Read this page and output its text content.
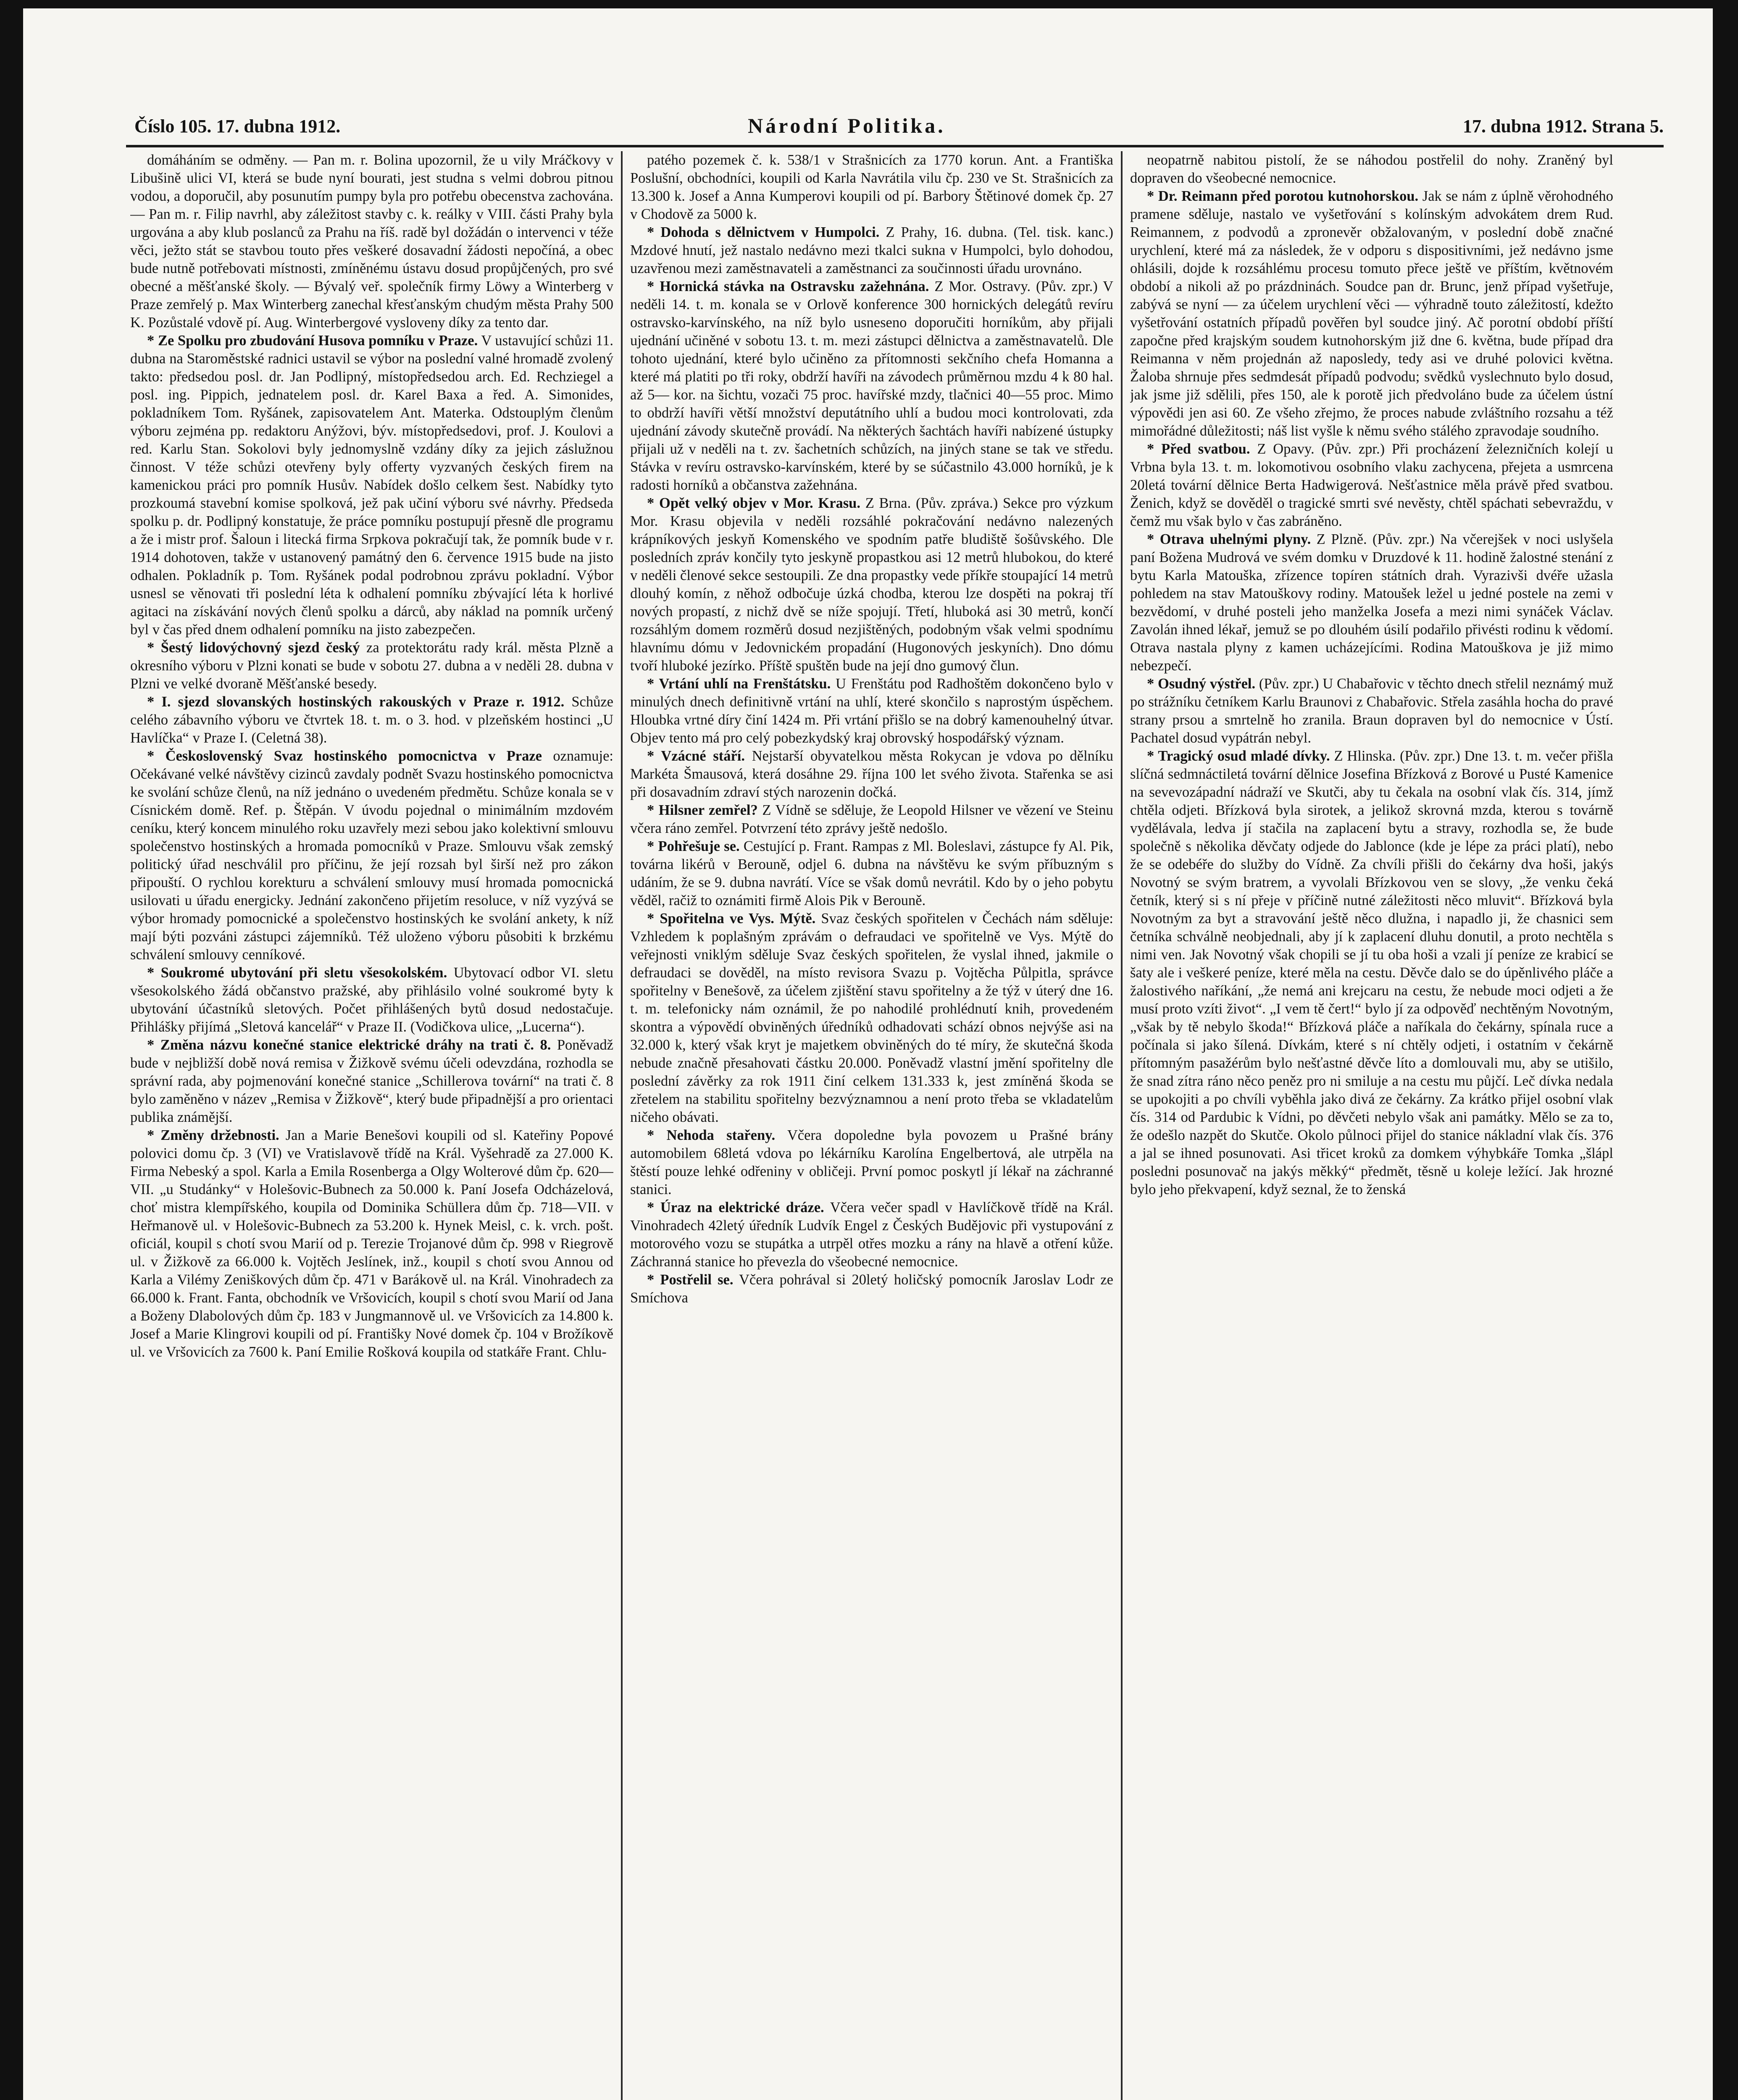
Číslo 105. 17. dubna 1912.	Národní Politika.	17. dubna 1912. Strana 5.

domáháním se odměny. — Pan m. r. Bolina upozornil, že u vily Mráčkovy v Libušině ulici VI, která se bude nyní bourati, jest studna s velmi dobrou pitnou vodou, a doporučil, aby posunutím pumpy byla pro potřebu obecenstva zachována. — Pan m. r. Filip navrhl, aby záležitost stavby c. k. reálky v VIII. části Prahy byla urgována a aby klub poslanců za Prahu na říš. radě byl dožádán o intervenci v téže věci, ježto stát se stavbou touto přes veškeré dosavadní žádosti nepočíná, a obec bude nutně potřebovati místnosti, zmíněnému ústavu dosud propůjčených, pro své obecné a měšťanské školy. — Bývalý veř. společník firmy Löwy a Winterberg v Praze zemřelý p. Max Winterberg zanechal křesťanským chudým města Prahy 500 K. Pozůstalé vdově pí. Aug. Winterbergové vysloveny díky za tento dar.

* Ze Spolku pro zbudování Husova pomníku v Praze. V ustavující schůzi 11. dubna na Staroměstské radnici ustavil se výbor na poslední valné hromadě zvolený takto: předsedou posl. dr. Jan Podlipný, místopředsedou arch. Ed. Rechziegel a posl. ing. Pippich, jednatelem posl. dr. Karel Baxa a řed. A. Simonides, pokladníkem Tom. Ryšánek, zapisovatelem Ant. Materka. Odstouplým členům výboru zejména pp. redaktoru Anýžovi, býv. místopředsedovi, prof. J. Koulovi a red. Karlu Stan. Sokolovi byly jednomyslně vzdány díky za jejich záslužnou činnost. V téže schůzi otevřeny byly offerty vyzvaných českých firem na kamenickou práci pro pomník Husův. Nabídek došlo celkem šest. Nabídky tyto prozkoumá stavební komise spolková, jež pak učiní výboru své návrhy. Předseda spolku p. dr. Podlipný konstatuje, že práce pomníku postupují přesně dle programu a že i mistr prof. Šaloun i litecká firma Srpkova pokračují tak, že pomník bude v r. 1914 dohotoven, takže v ustanovený památný den 6. července 1915 bude na jisto odhalen. Pokladník p. Tom. Ryšánek podal podrobnou zprávu pokladní. Výbor usnesl se věnovati tři poslední léta k odhalení pomníku zbývající léta k horlivé agitaci na získávání nových členů spolku a dárců, aby náklad na pomník určený byl v čas před dnem odhalení pomníku na jisto zabezpečen.

* Šestý lidovýchovný sjezd český za protektorátu rady král. města Plzně a okresního výboru v Plzni konati se bude v sobotu 27. dubna a v neděli 28. dubna v Plzni ve velké dvoraně Měšťanské besedy.

* I. sjezd slovanských hostinských rakouských v Praze r. 1912. Schůze celého zábavního výboru ve čtvrtek 18. t. m. o 3. hod. v plzeňském hostinci „U Havlíčka“ v Praze I. (Celetná 38).

* Československý Svaz hostinského pomocnictva v Praze oznamuje: Očekávané velké návštěvy cizinců zavdaly podnět Svazu hostinského pomocnictva ke svolání schůze členů, na níž jednáno o uvedeném předmětu. Schůze konala se v Císnickém domě. Ref. p. Štěpán. V úvodu pojednal o minimálním mzdovém ceníku, který koncem minulého roku uzavřely mezi sebou jako kolektivní smlouvu společenstvo hostinských a hromada pomocníků v Praze. Smlouvu však zemský politický úřad neschválil pro příčinu, že její rozsah byl širší než pro zákon připouští. O rychlou korekturu a schválení smlouvy musí hromada pomocnická usilovati u úřadu energicky. Jednání zakončeno přijetím resoluce, v níž vyzývá se výbor hromady pomocnické a společenstvo hostinských ke svolání ankety, k níž mají býti pozváni zástupci zájemníků. Též uloženo výboru působiti k brzkému schválení smlouvy cenníkové.

* Soukromé ubytování při sletu všesokolském. Ubytovací odbor VI. sletu všesokolského žádá občanstvo pražské, aby přihlásilo volné soukromé byty k ubytování účastníků sletových. Počet přihlášených bytů dosud nedostačuje. Přihlášky přijímá „Sletová kancelář“ v Praze II. (Vodičkova ulice, „Lucerna“).

* Změna názvu konečné stanice elektrické dráhy na trati č. 8. Poněvadž bude v nejbližší době nová remisa v Žižkově svému účeli odevzdána, rozhodla se správní rada, aby pojmenování konečné stanice „Schillerova tovární“ na trati č. 8 bylo zaměněno v název „Remisa v Žižkově“, který bude připadnější a pro orientaci publika známější.

* Změny držebnosti. Jan a Marie Benešovi koupili od sl. Kateřiny Popové polovici domu čp. 3 (VI) ve Vratislavově třídě na Král. Vyšehradě za 27.000 K. Firma Nebeský a spol. Karla a Emila Rosenberga a Olgy Wolterové dům čp. 620—VII. „u Studánky“ v Holešovic-Bubnech za 50.000 k. Paní Josefa Odcházelová, choť mistra klempířského, koupila od Dominika Schüllera dům čp. 718—VII. v Heřmanově ul. v Holešovic-Bubnech za 53.200 k. Hynek Meisl, c. k. vrch. pošt. oficiál, koupil s chotí svou Marií od p. Terezie Trojanové dům čp. 998 v Riegrově ul. v Žižkově za 66.000 k. Vojtěch Jeslínek, inž., koupil s chotí svou Annou od Karla a Vilémy Zeniškových dům čp. 471 v Barákově ul. na Král. Vinohradech za 66.000 k. Frant. Fanta, obchodník ve Vršovicích, koupil s chotí svou Marií od Jana a Boženy Dlabolových dům čp. 183 v Jungmannově ul. ve Vršovicích za 14.800 k. Josef a Marie Klingrovi koupili od pí. Františky Nové domek čp. 104 v Brožíkově ul. ve Vršovicích za 7600 k. Paní Emilie Rošková koupila od statkáře Frant. Chlu-

patého pozemek č. k. 538/1 v Strašnicích za 1770 korun. Ant. a Františka Poslušní, obchodníci, koupili od Karla Navrátila vilu čp. 230 ve St. Strašnicích za 13.300 k. Josef a Anna Kumperovi koupili od pí. Barbory Štětinové domek čp. 27 v Chodově za 5000 k.

* Dohoda s dělnictvem v Humpolci. Z Prahy, 16. dubna. (Tel. tisk. kanc.) Mzdové hnutí, jež nastalo nedávno mezi tkalci sukna v Humpolci, bylo dohodou, uzavřenou mezi zaměstnavateli a zaměstnanci za součinnosti úřadu urovnáno.

* Hornická stávka na Ostravsku zažehnána. Z Mor. Ostravy. (Pův. zpr.) V neděli 14. t. m. konala se v Orlově konference 300 hornických delegátů revíru ostravsko-karvínského, na níž bylo usneseno doporučiti horníkům, aby přijali ujednání učiněné v sobotu 13. t. m. mezi zástupci dělnictva a zaměstnavatelů. Dle tohoto ujednání, které bylo učiněno za přítomnosti sekčního chefa Homanna a které má platiti po tři roky, obdrží havíři na závodech průměrnou mzdu 4 k 80 hal. až 5— kor. na šichtu, vozači 75 proc. havířské mzdy, tlačnici 40—55 proc. Mimo to obdrží havíři větší množství deputátního uhlí a budou moci kontrolovati, zda ujednání závody skutečně provádí. Na některých šachtách havíři nabízené ústupky přijali už v neděli na t. zv. šachetních schůzích, na jiných stane se tak ve středu. Stávka v revíru ostravsko-karvínském, které by se súčastnilo 43.000 horníků, je k radosti horníků a občanstva zažehnána.

* Opět velký objev v Mor. Krasu. Z Brna. (Pův. zpráva.) Sekce pro výzkum Mor. Krasu objevila v neděli rozsáhlé pokračování nedávno nalezených krápníkových jeskyň Komenského ve spodním patře bludiště šošůvského. Dle posledních zpráv končily tyto jeskyně propastkou asi 12 metrů hlubokou, do které v neděli členové sekce sestoupili. Ze dna propastky vede příkře stoupající 14 metrů dlouhý komín, z něhož odbočuje úzká chodba, kterou lze dospěti na pokraj tří nových propastí, z nichž dvě se níže spojují. Třetí, hluboká asi 30 metrů, končí rozsáhlým domem rozměrů dosud nezjištěných, podobným však velmi spodnímu hlavnímu dómu v Jedovnickém propadání (Hugonových jeskyních). Dno dómu tvoří hluboké jezírko. Příště spuštěn bude na její dno gumový člun.

* Vrtání uhlí na Frenštátsku. U Frenštátu pod Radhoštěm dokončeno bylo v minulých dnech definitivně vrtání na uhlí, které skončilo s naprostým úspěchem. Hloubka vrtné díry činí 1424 m. Při vrtání přišlo se na dobrý kamenouhelný útvar. Objev tento má pro celý pobezkydský kraj obrovský hospodářský význam.

* Vzácné stáří. Nejstarší obyvatelkou města Rokycan je vdova po dělníku Markéta Šmausová, která dosáhne 29. října 100 let svého života. Stařenka se asi při dosavadním zdraví stých narozenin dočká.

* Hilsner zemřel? Z Vídně se sděluje, že Leopold Hilsner ve vězení ve Steinu včera ráno zemřel. Potvrzení této zprávy ještě nedošlo.

* Pohřešuje se. Cestující p. Frant. Rampas z Ml. Boleslavi, zástupce fy Al. Pik, továrna likérů v Berouně, odjel 6. dubna na návštěvu ke svým příbuzným s udáním, že se 9. dubna navrátí. Více se však domů nevrátil. Kdo by o jeho pobytu věděl, račiž to oznámiti firmě Alois Pik v Berouně.

* Spořitelna ve Vys. Mýtě. Svaz českých spořitelen v Čechách nám sděluje: Vzhledem k poplašným zprávám o defraudaci ve spořitelně ve Vys. Mýtě do veřejnosti vniklým sděluje Svaz českých spořitelen, že vyslal ihned, jakmile o defraudaci se dověděl, na místo revisora Svazu p. Vojtěcha Půlpitla, správce spořitelny v Benešově, za účelem zjištění stavu spořitelny a že týž v úterý dne 16. t. m. telefonicky nám oznámil, že po nahodilé prohlédnutí knih, provedeném skontra a výpovědí obviněných úředníků odhadovati schází obnos nejvýše asi na 32.000 k, který však kryt je majetkem obviněných do té míry, že skutečná škoda nebude značně přesahovati částku 20.000. Poněvadž vlastní jmění spořitelny dle poslední závěrky za rok 1911 činí celkem 131.333 k, jest zmíněná škoda se zřetelem na stabilitu spořitelny bezvýznamnou a není proto třeba se vkladatelům ničeho obávati.

* Nehoda stařeny. Včera dopoledne byla povozem u Prašné brány automobilem 68letá vdova po lékárníku Karolína Engelbertová, ale utrpěla na štěstí pouze lehké odřeniny v obličeji. První pomoc poskytl jí lékař na záchranné stanici.

* Úraz na elektrické dráze. Včera večer spadl v Havlíčkově třídě na Král. Vinohradech 42letý úředník Ludvík Engel z Českých Budějovic při vystupování z motorového vozu se stupátka a utrpěl otřes mozku a rány na hlavě a otření kůže. Záchranná stanice ho převezla do všeobecné nemocnice.

* Postřelil se. Včera pohrával si 20letý holičský pomocník Jaroslav Lodr ze Smíchova

neopatrně nabitou pistolí, že se náhodou postřelil do nohy. Zraněný byl dopraven do všeobecné nemocnice.

* Dr. Reimann před porotou kutnohorskou. Jak se nám z úplně věrohodného pramene sděluje, nastalo ve vyšetřování s kolínským advokátem drem Rud. Reimannem, z podvodů a zpronevěr obžalovaným, v poslední době značné urychlení, které má za následek, že v odporu s dispositivními, jež nedávno jsme ohlásili, dojde k rozsáhlému procesu tomuto přece ještě ve příštím, květnovém období a nikoli až po prázdninách. Soudce pan dr. Brunc, jenž případ vyšetřuje, zabývá se nyní — za účelem urychlení věci — výhradně touto záležitostí, kdežto vyšetřování ostatních případů pověřen byl soudce jiný. Ač porotní období příští započne před krajským soudem kutnohorským již dne 6. května, bude případ dra Reimanna v něm projednán až naposledy, tedy asi ve druhé polovici května. Žaloba shrnuje přes sedmdesát případů podvodu; svědků vyslechnuto bylo dosud, jak jsme již sdělili, přes 150, ale k porotě jich předvoláno bude za účelem ústní výpovědi jen asi 60. Ze všeho zřejmo, že proces nabude zvláštního rozsahu a též mimořádné důležitosti; náš list vyšle k němu svého stálého zpravodaje soudního.

* Před svatbou. Z Opavy. (Pův. zpr.) Při procházení železničních kolejí u Vrbna byla 13. t. m. lokomotivou osobního vlaku zachycena, přejeta a usmrcena 20letá tovární dělnice Berta Hadwigerová. Nešťastnice měla právě před svatbou. Ženich, když se dověděl o tragické smrti své nevěsty, chtěl spáchati sebevraždu, v čemž mu však bylo v čas zabráněno.

* Otrava uhelnými plyny. Z Plzně. (Pův. zpr.) Na včerejšek v noci uslyšela paní Božena Mudrová ve svém domku v Druzdové k 11. hodině žalostné stenání z bytu Karla Matouška, zřízence topíren státních drah. Vyrazivši dvéře užasla pohledem na stav Matouškovy rodiny. Matoušek ležel u jedné postele na zemi v bezvědomí, v druhé posteli jeho manželka Josefa a mezi nimi synáček Václav. Zavolán ihned lékař, jemuž se po dlouhém úsilí podařilo přivésti rodinu k vědomí. Otrava nastala plyny z kamen ucházejícími. Rodina Matouškova je již mimo nebezpečí.

* Osudný výstřel. (Pův. zpr.) U Chabařovic v těchto dnech střelil neznámý muž po strážníku četníkem Karlu Braunovi z Chabařovic. Střela zasáhla hocha do pravé strany prsou a smrtelně ho zranila. Braun dopraven byl do nemocnice v Ústí. Pachatel dosud vypátrán nebyl.

* Tragický osud mladé dívky. Z Hlinska. (Pův. zpr.) Dne 13. t. m. večer přišla slíčná sedmnáctiletá tovární dělnice Josefina Břízková z Borové u Pusté Kamenice na sevevozápadní nádraží ve Skutči, aby tu čekala na osobní vlak čís. 314, jímž chtěla odjeti. Břízková byla sirotek, a jelikož skrovná mzda, kterou s továrně vydělávala, ledva jí stačila na zaplacení bytu a stravy, rozhodla se, že bude společně s několika děvčaty odjede do Jablonce (kde je lépe za práci platí), nebo že se odebéře do služby do Vídně. Za chvíli přišli do čekárny dva hoši, jakýs Novotný se svým bratrem, a vyvolali Břízkovou ven se slovy, „že venku čeká četník, který si s ní přeje v příčině nutné záležitosti něco mluvit“. Břízková byla Novotným za byt a stravování ještě něco dlužna, i napadlo ji, že chasnici sem četníka schválně neobjednali, aby jí k zaplacení dluhu donutil, a proto nechtěla s nimi ven. Jak Novotný však chopili se jí tu oba hoši a vzali jí peníze ze krabicí se šaty ale i veškeré peníze, které měla na cestu. Děvče dalo se do úpěnlivého pláče a žalostivého naříkání, „že nemá ani krejcaru na cestu, že nebude moci odjeti a že musí proto vzíti život“. „I vem tě čert!“ bylo jí za odpověď nechtěným Novotným, „však by tě nebylo škoda!“ Břízková pláče a naříkala do čekárny, spínala ruce a počínala si jako šílená. Dívkám, které s ní chtěly odjeti, i ostatním v čekárně přítomným pasažérům bylo nešťastné děvče líto a domlouvali mu, aby se utišilo, že snad zítra ráno něco peněz pro ni smiluje a na cestu mu půjčí. Leč dívka nedala se upokojiti a po chvíli vyběhla jako divá ze čekárny. Za krátko přijel osobní vlak čís. 314 od Pardubic k Vídni, po děvčeti nebylo však ani památky. Mělo se za to, že odešlo nazpět do Skutče. Okolo půlnoci přijel do stanice nákladní vlak čís. 376 a jal se ihned posunovati. Asi třicet kroků za domkem výhybkáře Tomka „šlápl posledni posunovač na jakýs měkký“ předmět, těsně u koleje ležící. Jak hrozné bylo jeho překvapení, když seznal, že to ženská
